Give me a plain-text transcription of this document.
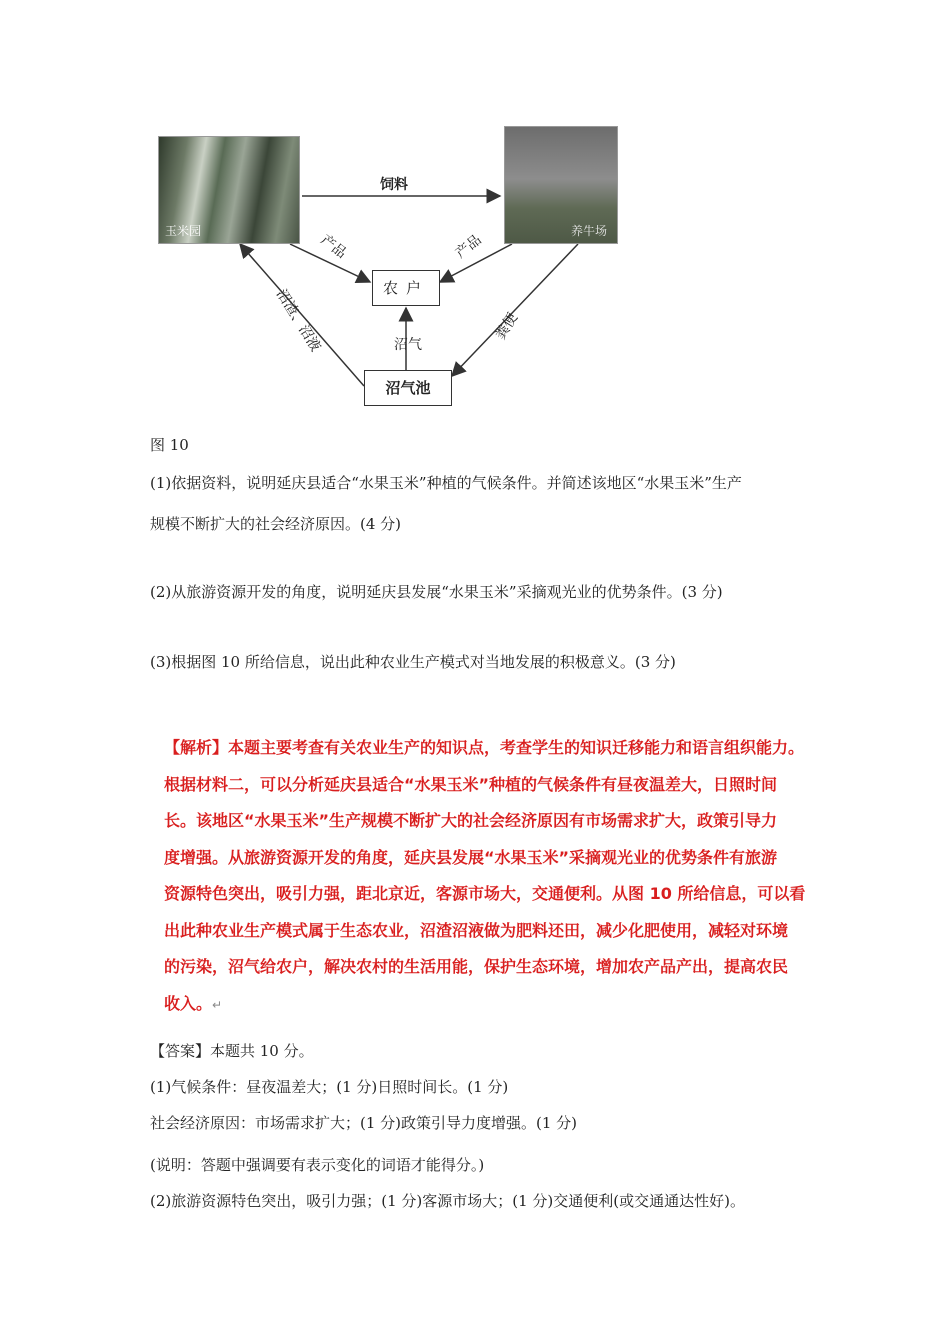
玉米园	养牛场
农户
沼气池
饲料
产品	产品
沼气
沼渣、沼液	粪便
图 10
(1)依据资料，说明延庆县适合“水果玉米”种植的气候条件。并简述该地区“水果玉米”生产
规模不断扩大的社会经济原因。(4 分)
(2)从旅游资源开发的角度，说明延庆县发展“水果玉米”采摘观光业的优势条件。(3 分)
(3)根据图 10 所给信息，说出此种农业生产模式对当地发展的积极意义。(3 分)
【解析】本题主要考查有关农业生产的知识点，考查学生的知识迁移能力和语言组织能力。
根据材料二，可以分析延庆县适合“水果玉米”种植的气候条件有昼夜温差大，日照时间
长。该地区“水果玉米”生产规模不断扩大的社会经济原因有市场需求扩大，政策引导力
度增强。从旅游资源开发的角度，延庆县发展“水果玉米”采摘观光业的优势条件有旅游
资源特色突出，吸引力强，距北京近，客源市场大，交通便利。从图 10 所给信息，可以看
出此种农业生产模式属于生态农业，沼渣沼液做为肥料还田，减少化肥使用，减轻对环境
的污染，沼气给农户，解决农村的生活用能，保护生态环境，增加农产品产出，提高农民
收入。↵
【答案】本题共 10 分。
(1)气候条件：昼夜温差大；(1 分)日照时间长。(1 分)
社会经济原因：市场需求扩大；(1 分)政策引导力度增强。(1 分)
(说明：答题中强调要有表示变化的词语才能得分。)
(2)旅游资源特色突出，吸引力强；(1 分)客源市场大；(1 分)交通便利(或交通通达性好)。
